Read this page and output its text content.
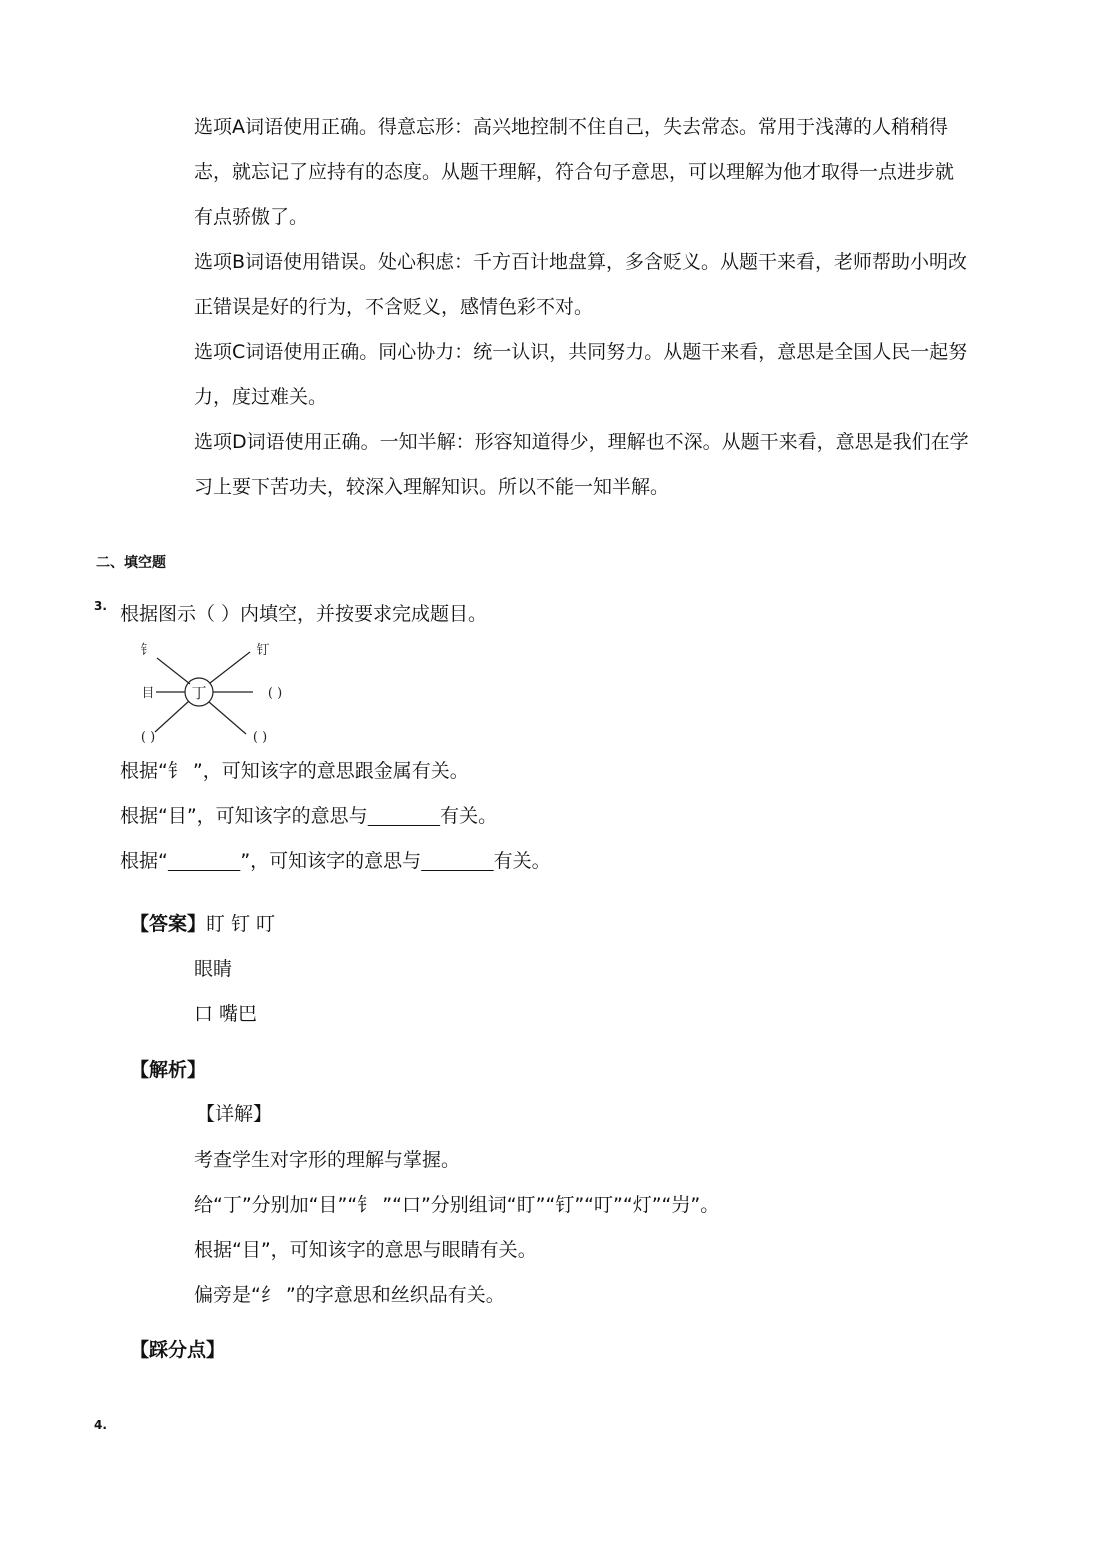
选项A词语使用正确。得意忘形：高兴地控制不住自己，失去常态。常用于浅薄的人稍稍得
志，就忘记了应持有的态度。从题干理解，符合句子意思，可以理解为他才取得一点进步就
有点骄傲了。
选项B词语使用错误。处心积虑：千方百计地盘算，多含贬义。从题干来看，老师帮助小明改
正错误是好的行为，不含贬义，感情色彩不对。
选项C词语使用正确。同心协力：统一认识，共同努力。从题干来看，意思是全国人民一起努
力，度过难关。
选项D词语使用正确。一知半解：形容知道得少，理解也不深。从题干来看，意思是我们在学
习上要下苦功夫，较深入理解知识。所以不能一知半解。
二、填空题
3. 根据图示（ ）内填空，并按要求完成题目。
丁
钅	钉
目	( )
( )	( )
根据“钅 ”，可知该字的意思跟金属有关。
根据“目”，可知该字的意思与	有关。
根据“	”，可知该字的意思与	有关。
【答案】盯 钉 叮
眼睛
口 嘴巴
【解析】
【详解】
考查学生对字形的理解与掌握。
给“丁”分别加“目”“钅 ”“口”分别组词“盯”“钉”“叮”“灯”“屶”。
根据“目”，可知该字的意思与眼睛有关。
偏旁是“纟 ”的字意思和丝织品有关。
【踩分点】
4.
